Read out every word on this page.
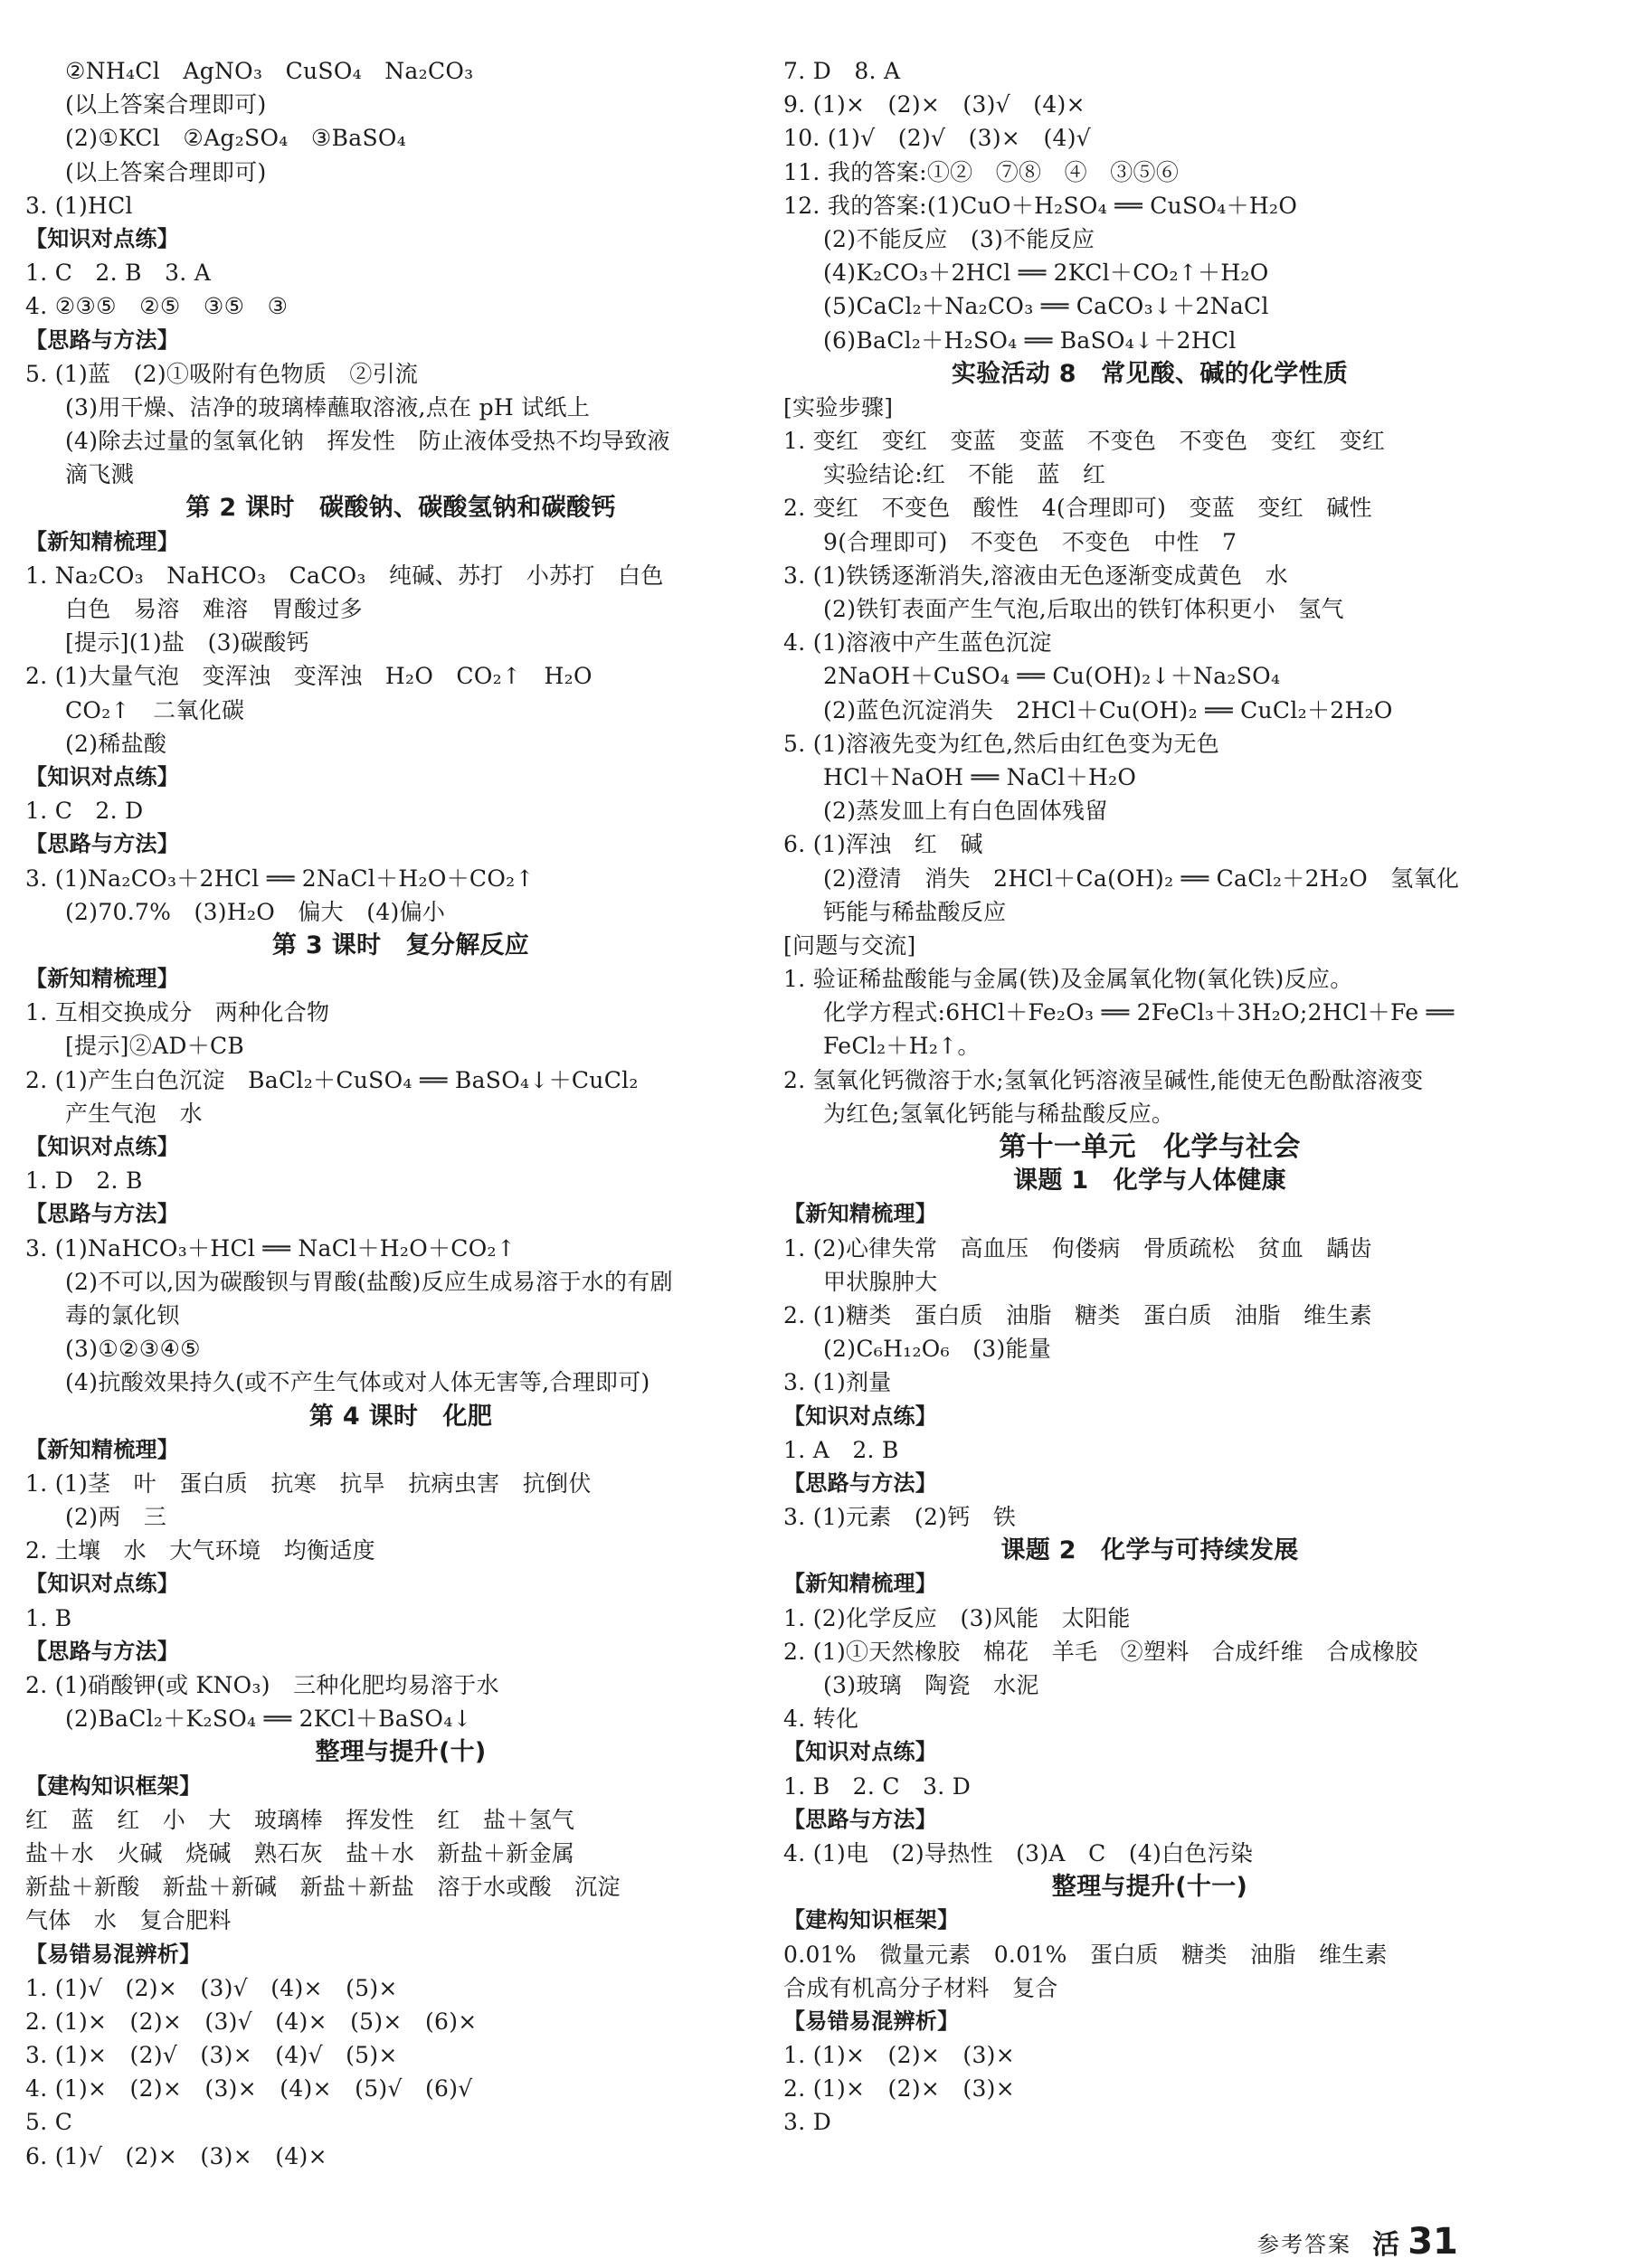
②NH₄Cl　AgNO₃　CuSO₄　Na₂CO₃
(以上答案合理即可)
(2)①KCl　②Ag₂SO₄　③BaSO₄
(以上答案合理即可)
3. (1)HCl
【知识对点练】
1. C　2. B　3. A
4. ②③⑤　②⑤　③⑤　③
【思路与方法】
5. (1)蓝　(2)①吸附有色物质　②引流
(3)用干燥、洁净的玻璃棒蘸取溶液,点在 pH 试纸上
(4)除去过量的氢氧化钠　挥发性　防止液体受热不均导致液
滴飞溅
第 2 课时　碳酸钠、碳酸氢钠和碳酸钙
【新知精梳理】
1. Na₂CO₃　NaHCO₃　CaCO₃　纯碱、苏打　小苏打　白色
白色　易溶　难溶　胃酸过多
[提示](1)盐　(3)碳酸钙
2. (1)大量气泡　变浑浊　变浑浊　H₂O　CO₂↑　H₂O
CO₂↑　二氧化碳
(2)稀盐酸
【知识对点练】
1. C　2. D
【思路与方法】
3. (1)Na₂CO₃＋2HCl ══ 2NaCl＋H₂O＋CO₂↑
(2)70.7%　(3)H₂O　偏大　(4)偏小
第 3 课时　复分解反应
【新知精梳理】
1. 互相交换成分　两种化合物
[提示]②AD＋CB
2. (1)产生白色沉淀　BaCl₂＋CuSO₄ ══ BaSO₄↓＋CuCl₂
产生气泡　水
【知识对点练】
1. D　2. B
【思路与方法】
3. (1)NaHCO₃＋HCl ══ NaCl＋H₂O＋CO₂↑
(2)不可以,因为碳酸钡与胃酸(盐酸)反应生成易溶于水的有剧
毒的氯化钡
(3)①②③④⑤
(4)抗酸效果持久(或不产生气体或对人体无害等,合理即可)
第 4 课时　化肥
【新知精梳理】
1. (1)茎　叶　蛋白质　抗寒　抗旱　抗病虫害　抗倒伏
(2)两　三
2. 土壤　水　大气环境　均衡适度
【知识对点练】
1. B
【思路与方法】
2. (1)硝酸钾(或 KNO₃)　三种化肥均易溶于水
(2)BaCl₂＋K₂SO₄ ══ 2KCl＋BaSO₄↓
整理与提升(十)
【建构知识框架】
红　蓝　红　小　大　玻璃棒　挥发性　红　盐＋氢气
盐＋水　火碱　烧碱　熟石灰　盐＋水　新盐＋新金属
新盐＋新酸　新盐＋新碱　新盐＋新盐　溶于水或酸　沉淀
气体　水　复合肥料
【易错易混辨析】
1. (1)√　(2)×　(3)√　(4)×　(5)×
2. (1)×　(2)×　(3)√　(4)×　(5)×　(6)×
3. (1)×　(2)√　(3)×　(4)√　(5)×
4. (1)×　(2)×　(3)×　(4)×　(5)√　(6)√
5. C
6. (1)√　(2)×　(3)×　(4)×
7. D　8. A
9. (1)×　(2)×　(3)√　(4)×
10. (1)√　(2)√　(3)×　(4)√
11. 我的答案:①②　⑦⑧　④　③⑤⑥
12. 我的答案:(1)CuO＋H₂SO₄ ══ CuSO₄＋H₂O
(2)不能反应　(3)不能反应
(4)K₂CO₃＋2HCl ══ 2KCl＋CO₂↑＋H₂O
(5)CaCl₂＋Na₂CO₃ ══ CaCO₃↓＋2NaCl
(6)BaCl₂＋H₂SO₄ ══ BaSO₄↓＋2HCl
实验活动 8　常见酸、碱的化学性质
[实验步骤]
1. 变红　变红　变蓝　变蓝　不变色　不变色　变红　变红
实验结论:红　不能　蓝　红
2. 变红　不变色　酸性　4(合理即可)　变蓝　变红　碱性
9(合理即可)　不变色　不变色　中性　7
3. (1)铁锈逐渐消失,溶液由无色逐渐变成黄色　水
(2)铁钉表面产生气泡,后取出的铁钉体积更小　氢气
4. (1)溶液中产生蓝色沉淀
2NaOH＋CuSO₄ ══ Cu(OH)₂↓＋Na₂SO₄
(2)蓝色沉淀消失　2HCl＋Cu(OH)₂ ══ CuCl₂＋2H₂O
5. (1)溶液先变为红色,然后由红色变为无色
HCl＋NaOH ══ NaCl＋H₂O
(2)蒸发皿上有白色固体残留
6. (1)浑浊　红　碱
(2)澄清　消失　2HCl＋Ca(OH)₂ ══ CaCl₂＋2H₂O　氢氧化
钙能与稀盐酸反应
[问题与交流]
1. 验证稀盐酸能与金属(铁)及金属氧化物(氧化铁)反应。
化学方程式:6HCl＋Fe₂O₃ ══ 2FeCl₃＋3H₂O;2HCl＋Fe ══
FeCl₂＋H₂↑。
2. 氢氧化钙微溶于水;氢氧化钙溶液呈碱性,能使无色酚酞溶液变
为红色;氢氧化钙能与稀盐酸反应。
第十一单元　化学与社会
课题 1　化学与人体健康
【新知精梳理】
1. (2)心律失常　高血压　佝偻病　骨质疏松　贫血　龋齿
甲状腺肿大
2. (1)糖类　蛋白质　油脂　糖类　蛋白质　油脂　维生素
(2)C₆H₁₂O₆　(3)能量
3. (1)剂量
【知识对点练】
1. A　2. B
【思路与方法】
3. (1)元素　(2)钙　铁
课题 2　化学与可持续发展
【新知精梳理】
1. (2)化学反应　(3)风能　太阳能
2. (1)①天然橡胶　棉花　羊毛　②塑料　合成纤维　合成橡胶
(3)玻璃　陶瓷　水泥
4. 转化
【知识对点练】
1. B　2. C　3. D
【思路与方法】
4. (1)电　(2)导热性　(3)A　C　(4)白色污染
整理与提升(十一)
【建构知识框架】
0.01%　微量元素　0.01%　蛋白质　糖类　油脂　维生素
合成有机高分子材料　复合
【易错易混辨析】
1. (1)×　(2)×　(3)×
2. (1)×　(2)×　(3)×
3. D
参考答案 活 31
